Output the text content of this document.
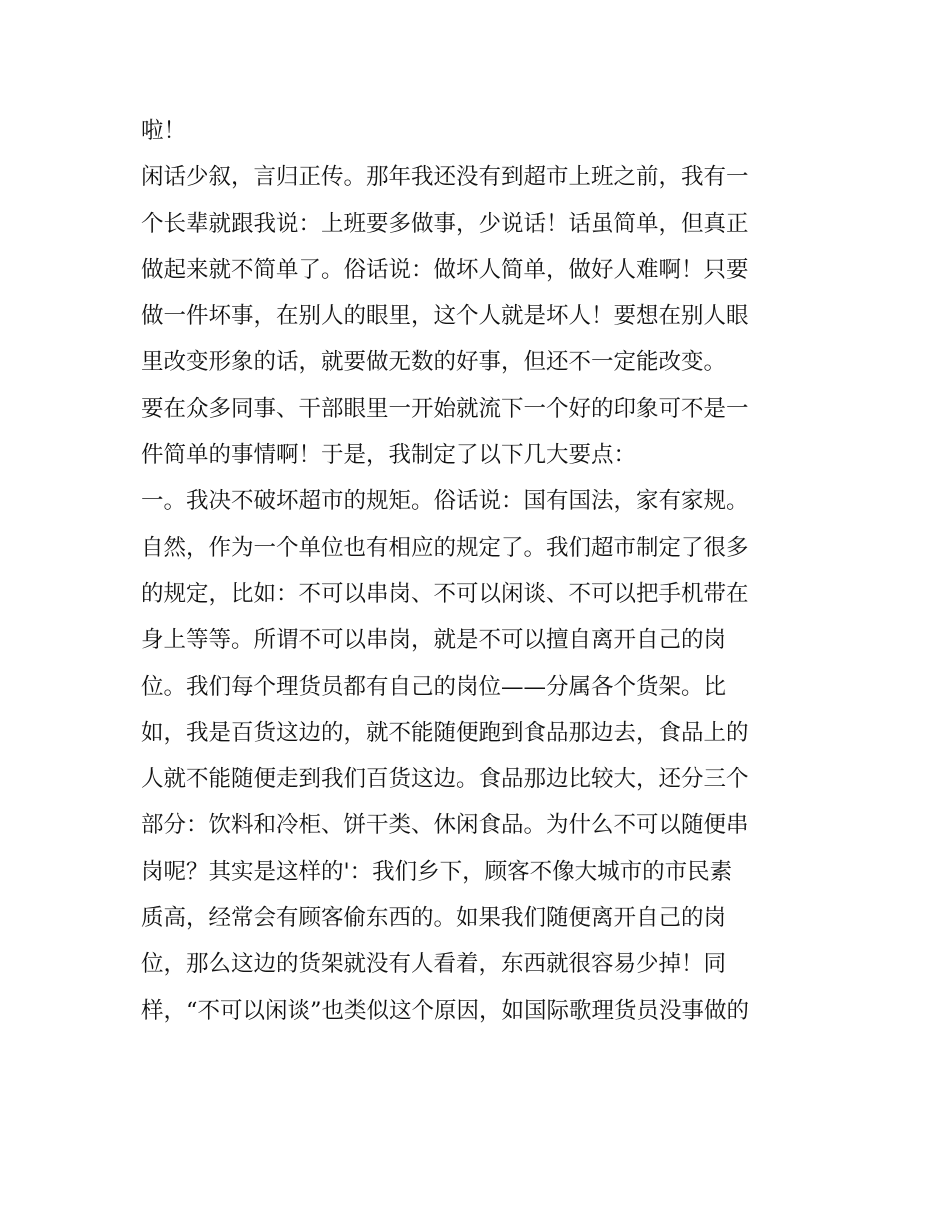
啦！
闲话少叙，言归正传。那年我还没有到超市上班之前，我有一
个长辈就跟我说：上班要多做事，少说话！话虽简单，但真正
做起来就不简单了。俗话说：做坏人简单，做好人难啊！只要
做一件坏事，在别人的眼里，这个人就是坏人！要想在别人眼
里改变形象的话，就要做无数的好事，但还不一定能改变。
要在众多同事、干部眼里一开始就流下一个好的印象可不是一
件简单的事情啊！于是，我制定了以下几大要点：
一。我决不破坏超市的规矩。俗话说：国有国法，家有家规。
自然，作为一个单位也有相应的规定了。我们超市制定了很多
的规定，比如：不可以串岗、不可以闲谈、不可以把手机带在
身上等等。所谓不可以串岗，就是不可以擅自离开自己的岗
位。我们每个理货员都有自己的岗位——分属各个货架。比
如，我是百货这边的，就不能随便跑到食品那边去，食品上的
人就不能随便走到我们百货这边。食品那边比较大，还分三个
部分：饮料和冷柜、饼干类、休闲食品。为什么不可以随便串
岗呢？其实是这样的'：我们乡下，顾客不像大城市的市民素
质高，经常会有顾客偷东西的。如果我们随便离开自己的岗
位，那么这边的货架就没有人看着，东西就很容易少掉！同
样，“不可以闲谈”也类似这个原因，如国际歌理货员没事做的
